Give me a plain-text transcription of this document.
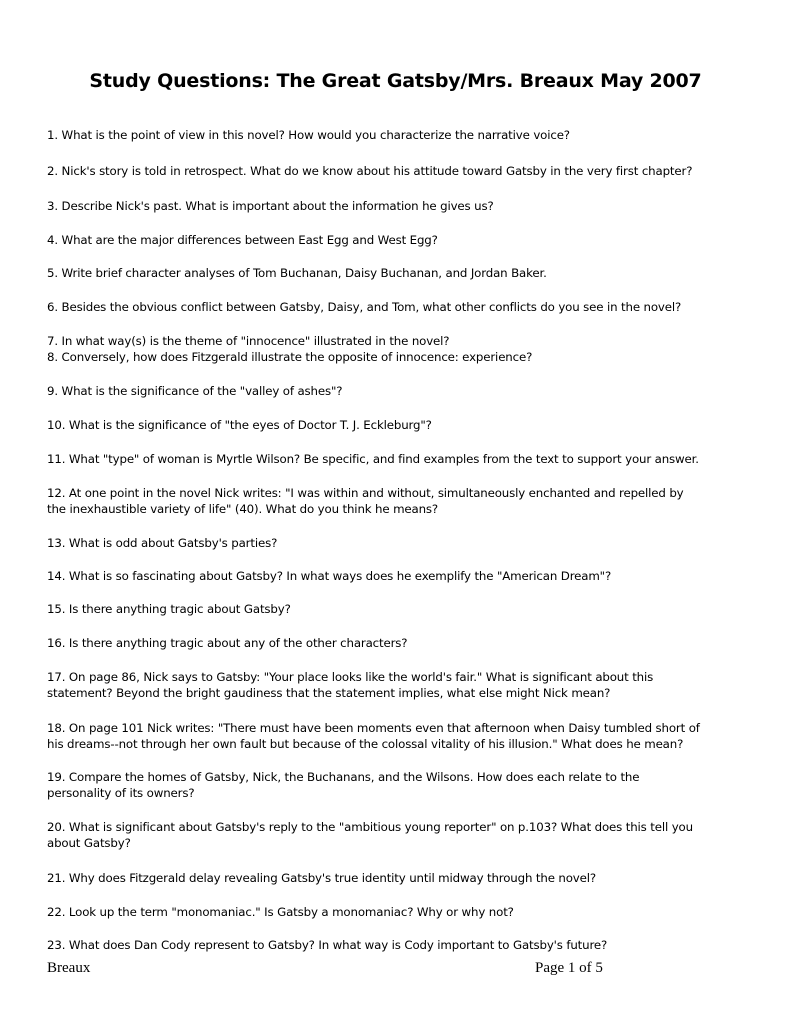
Study Questions: The Great Gatsby/Mrs. Breaux May 2007
1. What is the point of view in this novel? How would you characterize the narrative voice?
2. Nick's story is told in retrospect. What do we know about his attitude toward Gatsby in the very first chapter?
3. Describe Nick's past. What is important about the information he gives us?
4. What are the major differences between East Egg and West Egg?
5. Write brief character analyses of Tom Buchanan, Daisy Buchanan, and Jordan Baker.
6. Besides the obvious conflict between Gatsby, Daisy, and Tom, what other conflicts do you see in the novel?
7. In what way(s) is the theme of "innocence" illustrated in the novel?
8. Conversely, how does Fitzgerald illustrate the opposite of innocence: experience?
9. What is the significance of the "valley of ashes"?
10. What is the significance of "the eyes of Doctor T. J. Eckleburg"?
11. What "type" of woman is Myrtle Wilson? Be specific, and find examples from the text to support your answer.
12. At one point in the novel Nick writes: "I was within and without, simultaneously enchanted and repelled by
the inexhaustible variety of life" (40). What do you think he means?
13. What is odd about Gatsby's parties?
14. What is so fascinating about Gatsby? In what ways does he exemplify the "American Dream"?
15. Is there anything tragic about Gatsby?
16. Is there anything tragic about any of the other characters?
17. On page 86, Nick says to Gatsby: "Your place looks like the world's fair." What is significant about this
statement? Beyond the bright gaudiness that the statement implies, what else might Nick mean?
18. On page 101 Nick writes: "There must have been moments even that afternoon when Daisy tumbled short of
his dreams--not through her own fault but because of the colossal vitality of his illusion." What does he mean?
19. Compare the homes of Gatsby, Nick, the Buchanans, and the Wilsons. How does each relate to the
personality of its owners?
20. What is significant about Gatsby's reply to the "ambitious young reporter" on p.103? What does this tell you
about Gatsby?
21. Why does Fitzgerald delay revealing Gatsby's true identity until midway through the novel?
22. Look up the term "monomaniac." Is Gatsby a monomaniac? Why or why not?
23. What does Dan Cody represent to Gatsby? In what way is Cody important to Gatsby's future?
Breaux	Page 1 of 5
